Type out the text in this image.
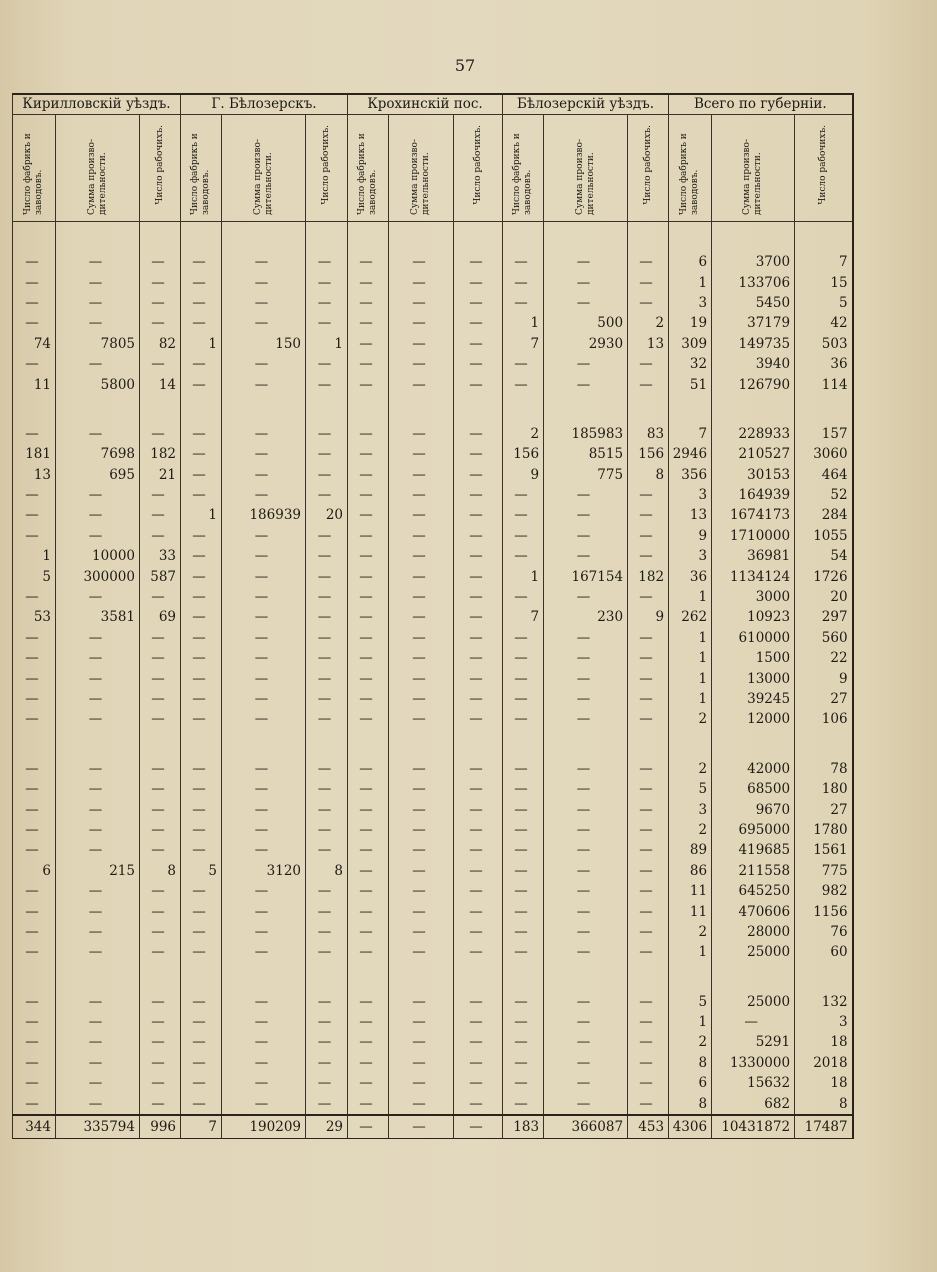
57
Кирилловскій уѣздъ.			Г. Бѣлозерскъ.			Крохинскій пос.			Бѣлозерскій уѣздъ.			Всего по губерніи.		
Число фабрикъ и заводовъ.	Сумма произво- дительности.	Число рабочихъ.	Число фабрикъ и заводовъ.	Сумма произво- дительности.	Число рабочихъ.	Число фабрикъ и заводовъ.	Сумма произво- дительности.	Число рабочихъ.	Число фабрикъ и заводовъ.	Сумма произво- дительности.	Число рабочихъ.	Число фабрикъ и заводовъ.	Сумма произво- дительности.	Число рабочихъ.

—	—	—	—	—	—	—	—	—	—	—	—	6	3700	7
—	—	—	—	—	—	—	—	—	—	—	—	1	133706	15
—	—	—	—	—	—	—	—	—	—	—	—	3	5450	5
—	—	—	—	—	—	—	—	—	1	500	2	19	37179	42
74	7805	82	1	150	1	—	—	—	7	2930	13	309	149735	503
—	—	—	—	—	—	—	—	—	—	—	—	32	3940	36
11	5800	14	—	—	—	—	—	—	—	—	—	51	126790	114

—	—	—	—	—	—	—	—	—	2	185983	83	7	228933	157
181	7698	182	—	—	—	—	—	—	156	8515	156	2946	210527	3060
13	695	21	—	—	—	—	—	—	9	775	8	356	30153	464
—	—	—	—	—	—	—	—	—	—	—	—	3	164939	52
—	—	—	1	186939	20	—	—	—	—	—	—	13	1674173	284
—	—	—	—	—	—	—	—	—	—	—	—	9	1710000	1055
1	10000	33	—	—	—	—	—	—	—	—	—	3	36981	54
5	300000	587	—	—	—	—	—	—	1	167154	182	36	1134124	1726
—	—	—	—	—	—	—	—	—	—	—	—	1	3000	20
53	3581	69	—	—	—	—	—	—	7	230	9	262	10923	297
—	—	—	—	—	—	—	—	—	—	—	—	1	610000	560
—	—	—	—	—	—	—	—	—	—	—	—	1	1500	22
—	—	—	—	—	—	—	—	—	—	—	—	1	13000	9
—	—	—	—	—	—	—	—	—	—	—	—	1	39245	27
—	—	—	—	—	—	—	—	—	—	—	—	2	12000	106

—	—	—	—	—	—	—	—	—	—	—	—	2	42000	78
—	—	—	—	—	—	—	—	—	—	—	—	5	68500	180
—	—	—	—	—	—	—	—	—	—	—	—	3	9670	27
—	—	—	—	—	—	—	—	—	—	—	—	2	695000	1780
—	—	—	—	—	—	—	—	—	—	—	—	89	419685	1561
6	215	8	5	3120	8	—	—	—	—	—	—	86	211558	775
—	—	—	—	—	—	—	—	—	—	—	—	11	645250	982
—	—	—	—	—	—	—	—	—	—	—	—	11	470606	1156
—	—	—	—	—	—	—	—	—	—	—	—	2	28000	76
—	—	—	—	—	—	—	—	—	—	—	—	1	25000	60

—	—	—	—	—	—	—	—	—	—	—	—	5	25000	132
—	—	—	—	—	—	—	—	—	—	—	—	1	—	3
—	—	—	—	—	—	—	—	—	—	—	—	2	5291	18
—	—	—	—	—	—	—	—	—	—	—	—	8	1330000	2018
—	—	—	—	—	—	—	—	—	—	—	—	6	15632	18
—	—	—	—	—	—	—	—	—	—	—	—	8	682	8
344	335794	996	7	190209	29	—	—	—	183	366087	453	4306	10431872	17487
